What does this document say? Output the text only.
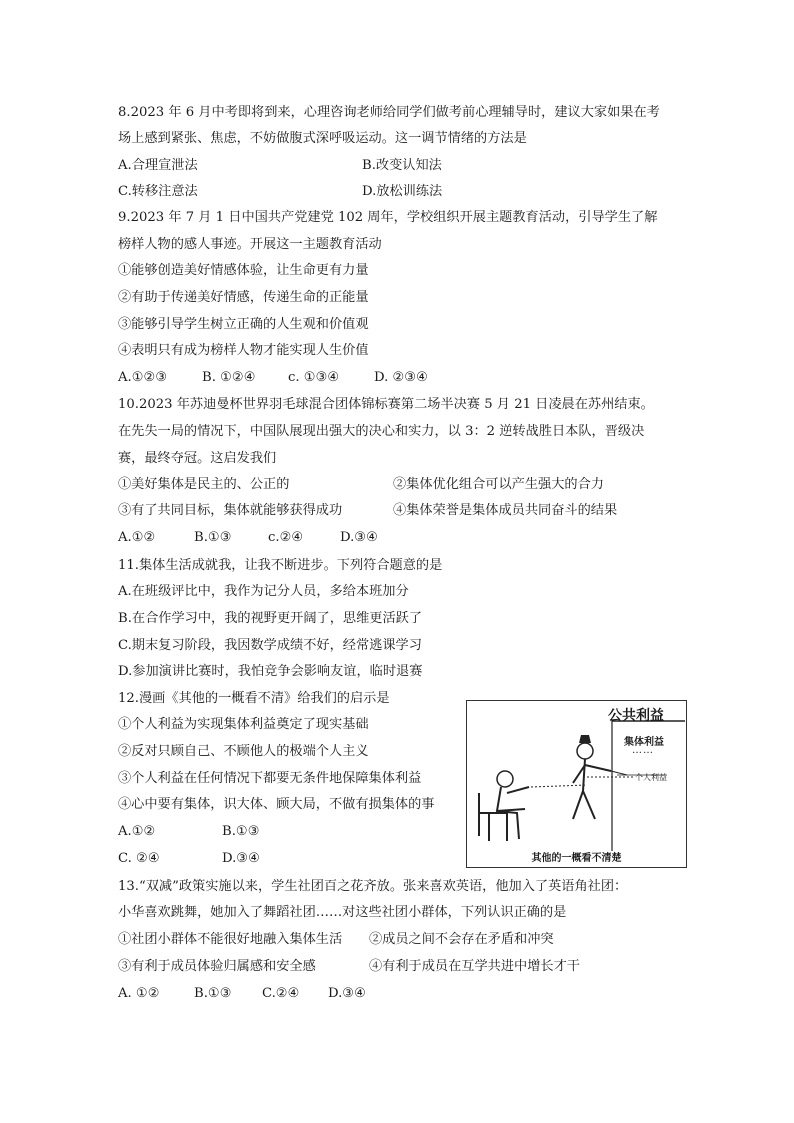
8.2023 年 6 月中考即将到来，心理咨询老师给同学们做考前心理辅导时，建议大家如果在考
场上感到紧张、焦虑，不妨做腹式深呼吸运动。这一调节情绪的方法是
A.合理宣泄法	B.改变认知法
C.转移注意法	D.放松训练法
9.2023 年 7 月 1 日中国共产党建党 102 周年，学校组织开展主题教育活动，引导学生了解
榜样人物的感人事迹。开展这一主题教育活动
①能够创造美好情感体验，让生命更有力量
②有助于传递美好情感，传递生命的正能量
③能够引导学生树立正确的人生观和价值观
④表明只有成为榜样人物才能实现人生价值
A.①②③	B. ①②④ c. ①③④	D. ②③④
10.2023 年苏迪曼杯世界羽毛球混合团体锦标赛第二场半决赛 5 月 21 日凌晨在苏州结束。
在先失一局的情况下，中国队展现出强大的决心和实力，以 3：2 逆转战胜日本队，晋级决
赛，最终夺冠。这启发我们
①美好集体是民主的、公正的	②集体优化组合可以产生强大的合力
③有了共同目标，集体就能够获得成功	④集体荣誉是集体成员共同奋斗的结果
A.①②	B.①③	c.②④	D.③④
11.集体生活成就我，让我不断进步。下列符合题意的是
A.在班级评比中，我作为记分人员，多给本班加分
B.在合作学习中，我的视野更开阔了，思维更活跃了
C.期末复习阶段，我因数学成绩不好，经常逃课学习
D.参加演讲比赛时，我怕竞争会影响友谊，临时退赛
12.漫画《其他的一概看不清》给我们的启示是
①个人利益为实现集体利益奠定了现实基础
②反对只顾自己、不顾他人的极端个人主义
③个人利益在任何情况下都要无条件地保障集体利益
④心中要有集体，识大体、顾大局，不做有损集体的事
A.①②	B.①③
C. ②④	D.③④
公共利益
集体利益
……
个人利益
其他的一概看不清楚
13.“双减”政策实施以来，学生社团百之花齐放。张来喜欢英语，他加入了英语角社团：
小华喜欢跳舞，她加入了舞蹈社团……对这些社团小群体，下列认识正确的是
①社团小群体不能很好地融入集体生活 ②成员之间不会存在矛盾和冲突
③有利于成员体验归属感和安全感	④有利于成员在互学共进中增长才干
A. ①②	B.①③ C.②④ D.③④
